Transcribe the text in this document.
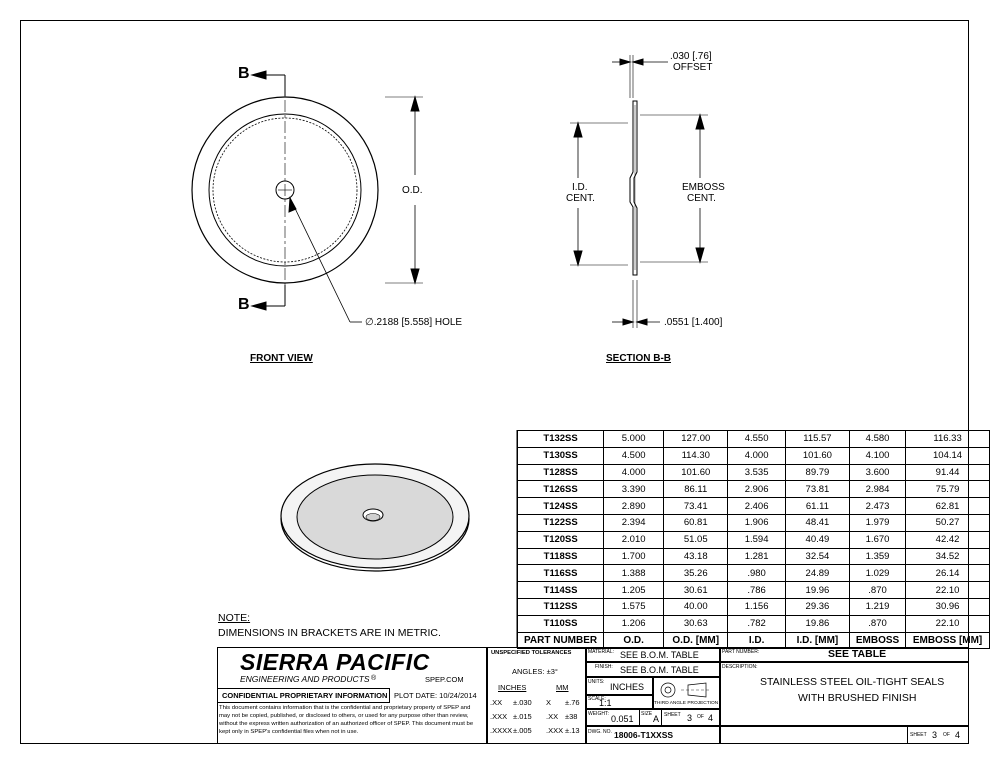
B
B
O.D.
∅.2188 [5.558] HOLE
FRONT VIEW	SECTION B-B
.030 [.76]
OFFSET
I.D.
CENT.
EMBOSS
CENT.
.0551 [1.400]
NOTE:
DIMENSIONS IN BRACKETS ARE IN METRIC.
T132SS	5.000	127.00	4.550	115.57	4.580	116.33
T130SS	4.500	114.30	4.000	101.60	4.100	104.14
T128SS	4.000	101.60	3.535	89.79	3.600	91.44
T126SS	3.390	86.11	2.906	73.81	2.984	75.79
T124SS	2.890	73.41	2.406	61.11	2.473	62.81
T122SS	2.394	60.81	1.906	48.41	1.979	50.27
T120SS	2.010	51.05	1.594	40.49	1.670	42.42
T118SS	1.700	43.18	1.281	32.54	1.359	34.52
T116SS	1.388	35.26	.980	24.89	1.029	26.14
T114SS	1.205	30.61	.786	19.96	.870	22.10
T112SS	1.575	40.00	1.156	29.36	1.219	30.96
T110SS	1.206	30.63	.782	19.86	.870	22.10
PART NUMBER	O.D.	O.D. [MM]	I.D.	I.D. [MM]	EMBOSS	EMBOSS [MM]
SIERRA PACIFIC
ENGINEERING AND PRODUCTS ®	SPEP.COM
CONFIDENTIAL PROPRIETARY INFORMATION PLOT DATE: 10/24/2014
This document contains information that is the confidential and proprietary property of SPEP and may not be copied, published, or disclosed to others, or used for any purpose other than review, without the express written authorization of an authorized officer of SPEP. This document must be kept only in SPEP's confidential files when not in use.
UNSPECIFIED TOLERANCES
ANGLES: ±3°
INCHES	MM
.XX ±.030 X ±.76
.XXX ±.015 .XX ±38
.XXXX ±.005 .XXX ±.13
MATERIAL: SEE B.O.M. TABLE
FINISH: SEE B.O.M. TABLE
UNITS: INCHES
SCALE:
1:1	THIRD ANGLE PROJECTION
WEIGHT: 0.051 SIZE A SHEET 3 OF 4
DWG. NO. 18006-T1XXSS
PART NUMBER:	SEE TABLE
DESCRIPTION:
STAINLESS STEEL OIL-TIGHT SEALS
WITH BRUSHED FINISH
SHEET 3 OF 4
